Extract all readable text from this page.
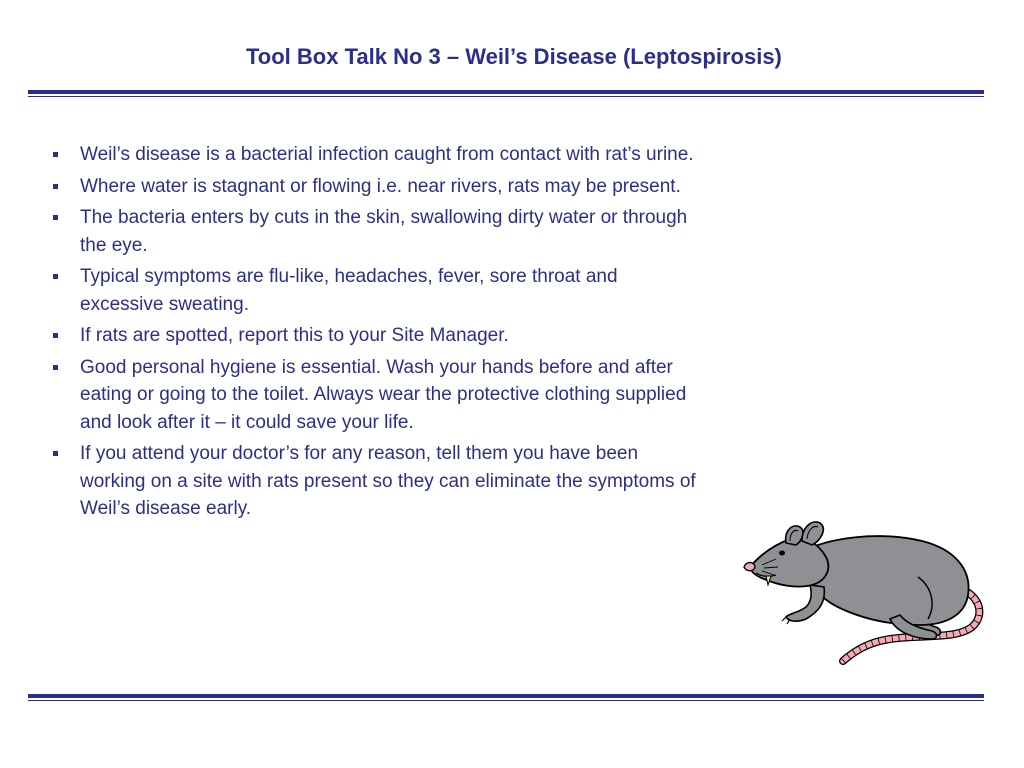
Tool Box Talk No 3 – Weil’s Disease (Leptospirosis)
Weil’s disease is a bacterial infection caught from contact with rat’s urine.
Where water is stagnant or flowing i.e. near rivers, rats may be present.
The bacteria enters by cuts in the skin, swallowing dirty water or through the eye.
Typical symptoms are flu-like, headaches, fever, sore throat and excessive sweating.
If rats are spotted, report this to your Site Manager.
Good personal hygiene is essential. Wash your hands before and after eating or going to the toilet. Always wear the protective clothing supplied and look after it – it could save your life.
If you attend your doctor’s for any reason, tell them you have been working on a site with rats present so they can eliminate the symptoms of Weil’s disease early.
